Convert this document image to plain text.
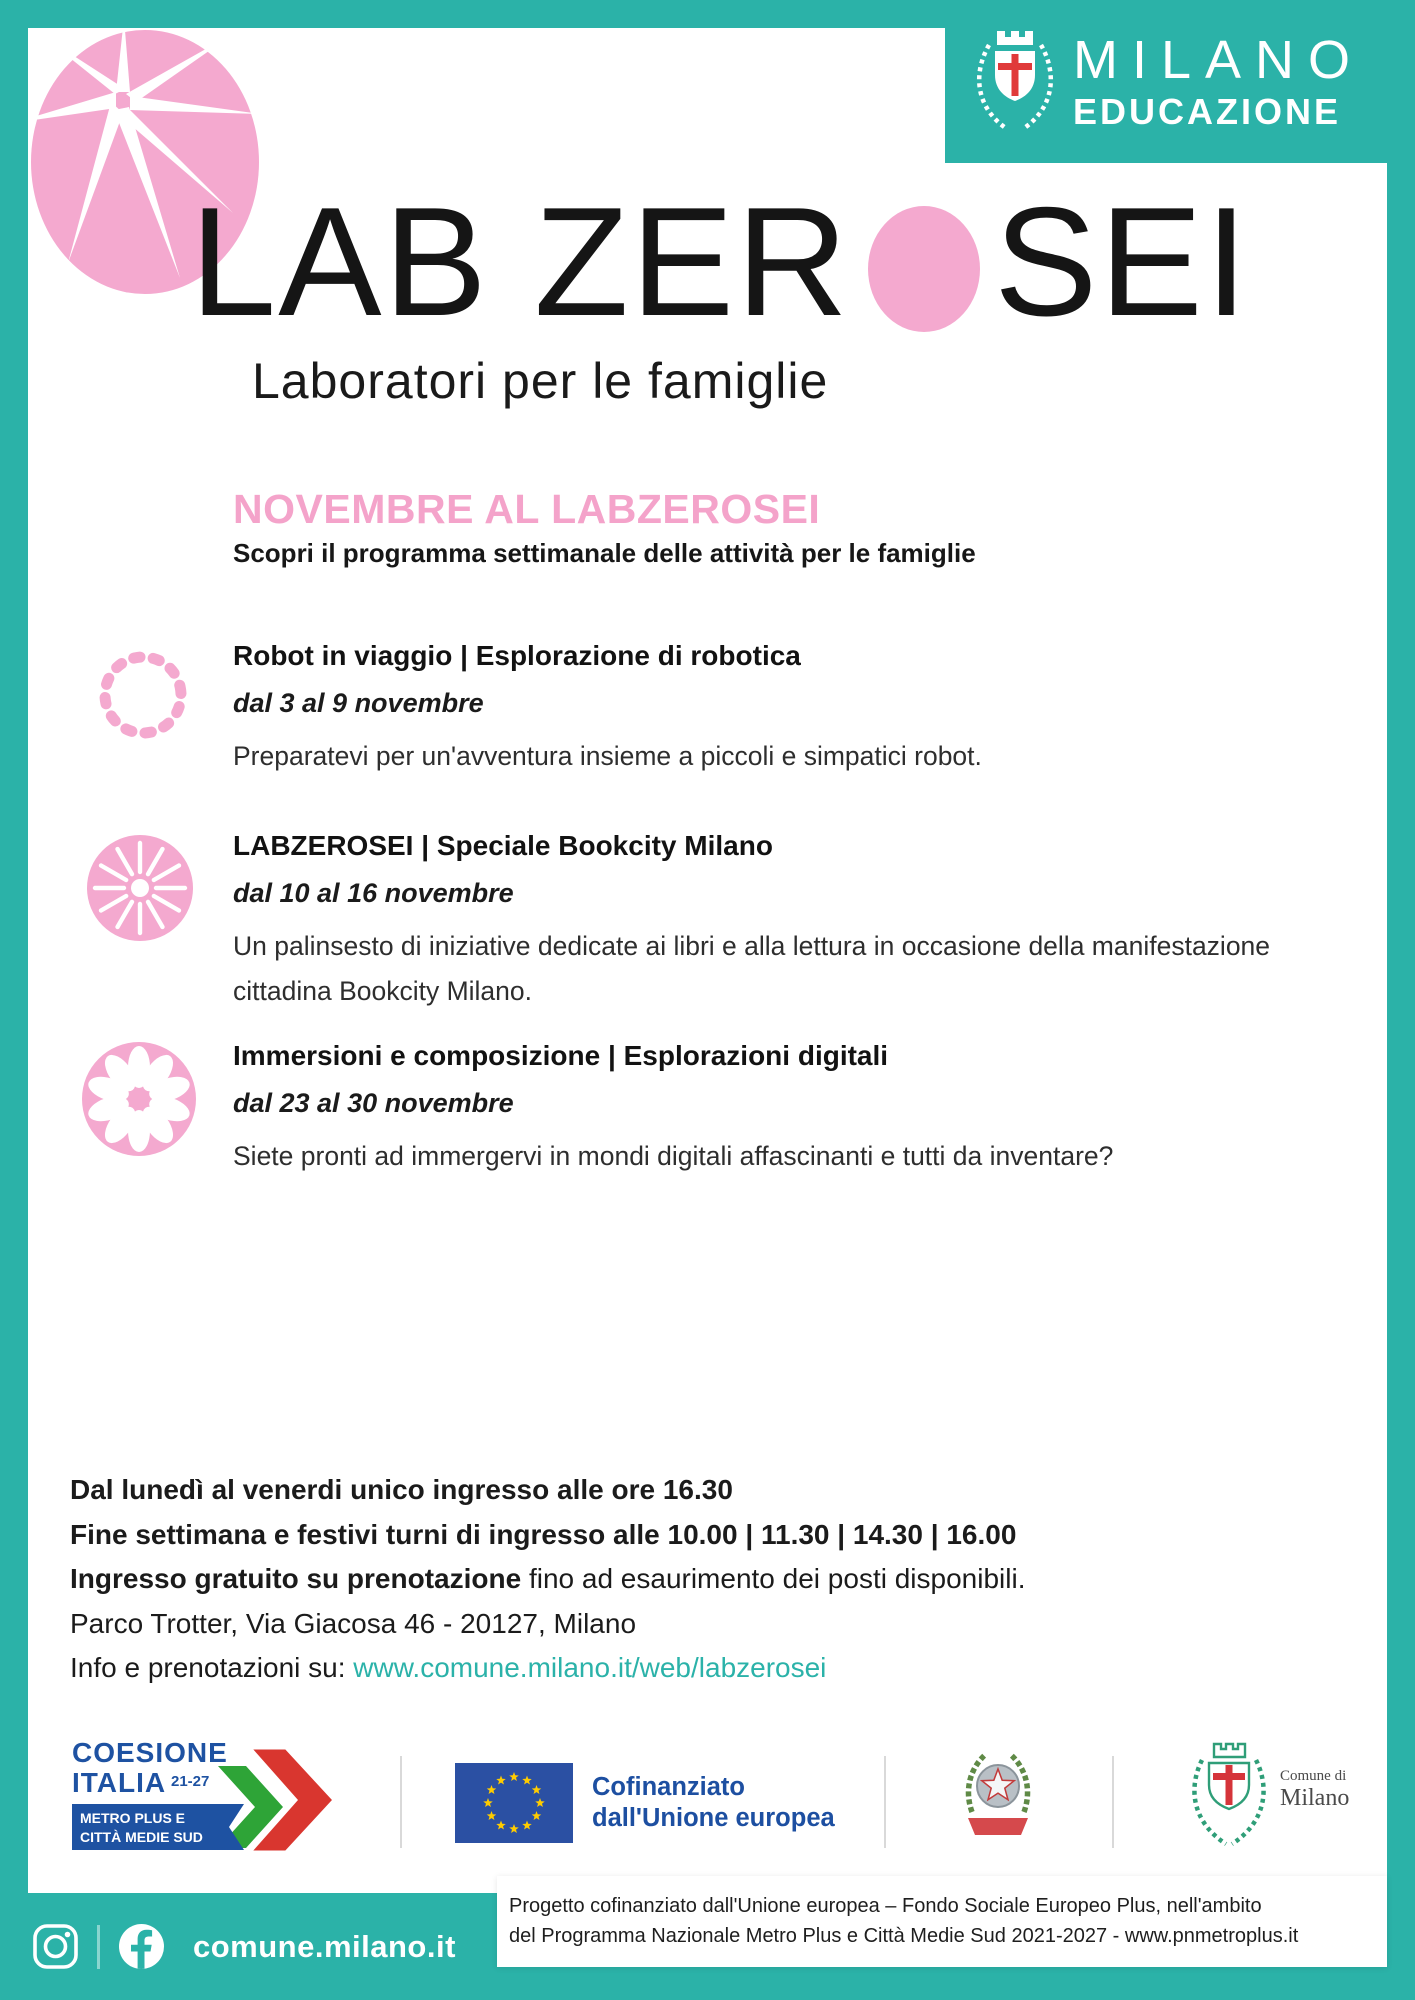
MILANO
EDUCAZIONE
LAB ZER SEI
Laboratori per le famiglie
NOVEMBRE AL LABZEROSEI
Scopri il programma settimanale delle attività per le famiglie
Robot in viaggio | Esplorazione di robotica
dal 3 al 9 novembre

Preparatevi per un'avventura insieme a piccoli e simpatici robot.

LABZEROSEI | Speciale Bookcity Milano
dal 10 al 16 novembre

Un palinsesto di iniziative dedicate ai libri e alla lettura in occasione della manifestazione cittadina Bookcity Milano.

Immersioni e composizione | Esplorazioni digitali
dal 23 al 30 novembre

Siete pronti ad immergervi in mondi digitali affascinanti e tutti da inventare?

Dal lunedì al venerdi unico ingresso alle ore 16.30
Fine settimana e festivi turni di ingresso alle 10.00 | 11.30 | 14.30 | 16.00
Ingresso gratuito su prenotazione fino ad esaurimento dei posti disponibili.
Parco Trotter, Via Giacosa 46 - 20127, Milano
Info e prenotazioni su: www.comune.milano.it/web/labzerosei
COESIONE
ITALIA 21-27
METRO PLUS E
CITTÀ MEDIE SUD
Cofinanziato
dall'Unione europea
Comune di
Milano
comune.milano.it
Progetto cofinanziato dall'Unione europea – Fondo Sociale Europeo Plus, nell'ambito
del Programma Nazionale Metro Plus e Città Medie Sud 2021-2027 - www.pnmetroplus.it
